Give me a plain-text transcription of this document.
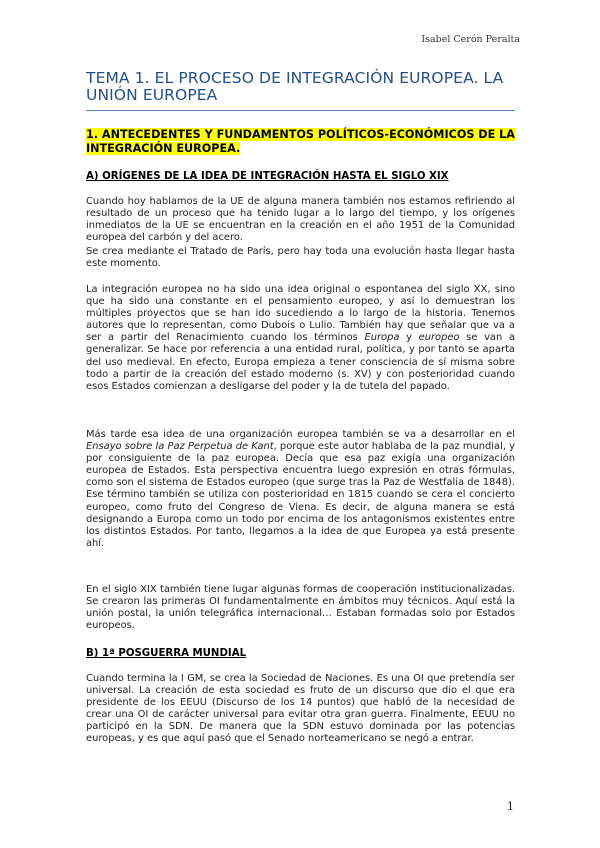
Isabel Cerón Peralta
TEMA 1. EL PROCESO DE INTEGRACIÓN EUROPEA. LA UNIÓN EUROPEA
1. ANTECEDENTES Y FUNDAMENTOS POLÍTICOS-ECONÓMICOS DE LA INTEGRACIÓN EUROPEA.
A) ORÍGENES DE LA IDEA DE INTEGRACIÓN HASTA EL SIGLO XIX
Cuando hoy hablamos de la UE de alguna manera también nos estamos refiriendo al resultado de un proceso que ha tenido lugar a lo largo del tiempo, y los orígenes inmediatos de la UE se encuentran en la creación en el año 1951 de la Comunidad europea del carbón y del acero.
Se crea mediante el Tratado de París, pero hay toda una evolución hasta llegar hasta este momento.
La integración europea no ha sido una idea original o espontanea del siglo XX, sino que ha sido una constante en el pensamiento europeo, y así lo demuestran los múltiples proyectos que se han ido sucediendo a lo largo de la historia. Tenemos autores que lo representan, como Dubois o Lulio. También hay que señalar que va a ser a partir del Renacimiento cuando los términos Europa y europeo se van a generalizar. Se hace por referencia a una entidad rural, política, y por tanto se aparta del uso medieval. En efecto, Europa empieza a tener consciencia de sí misma sobre todo a partir de la creación del estado moderno (s. XV) y con posterioridad cuando esos Estados comienzan a desligarse del poder y la de tutela del papado.
Más tarde esa idea de una organización europea también se va a desarrollar en el Ensayo sobre la Paz Perpetua de Kant, porque este autor hablaba de la paz mundial, y por consiguiente de la paz europea. Decía que esa paz exigía una organización europea de Estados. Esta perspectiva encuentra luego expresión en otras fórmulas, como son el sistema de Estados europeo (que surge tras la Paz de Westfalia de 1848). Ese término también se utiliza con posterioridad en 1815 cuando se cera el concierto europeo, como fruto del Congreso de Viena. Es decir, de alguna manera se está designando a Europa como un todo por encima de los antagonismos existentes entre los distintos Estados. Por tanto, llegamos a la idea de que Europea ya está presente ahí.
En el siglo XIX también tiene lugar algunas formas de cooperación institucionalizadas. Se crearon las primeras OI fundamentalmente en ámbitos muy técnicos. Aquí está la unión postal, la unión telegráfica internacional… Estaban formadas solo por Estados europeos.
B) 1ª POSGUERRA MUNDIAL
Cuando termina la I GM, se crea la Sociedad de Naciones. Es una OI que pretendía ser universal. La creación de esta sociedad es fruto de un discurso que dio el que era presidente de los EEUU (Discurso de los 14 puntos) que habló de la necesidad de crear una OI de carácter universal para evitar otra gran guerra. Finalmente, EEUU no participó en la SDN. De manera que la SDN estuvo dominada por las potencias europeas, y es que aquí pasó que el Senado norteamericano se negó a entrar.
1
